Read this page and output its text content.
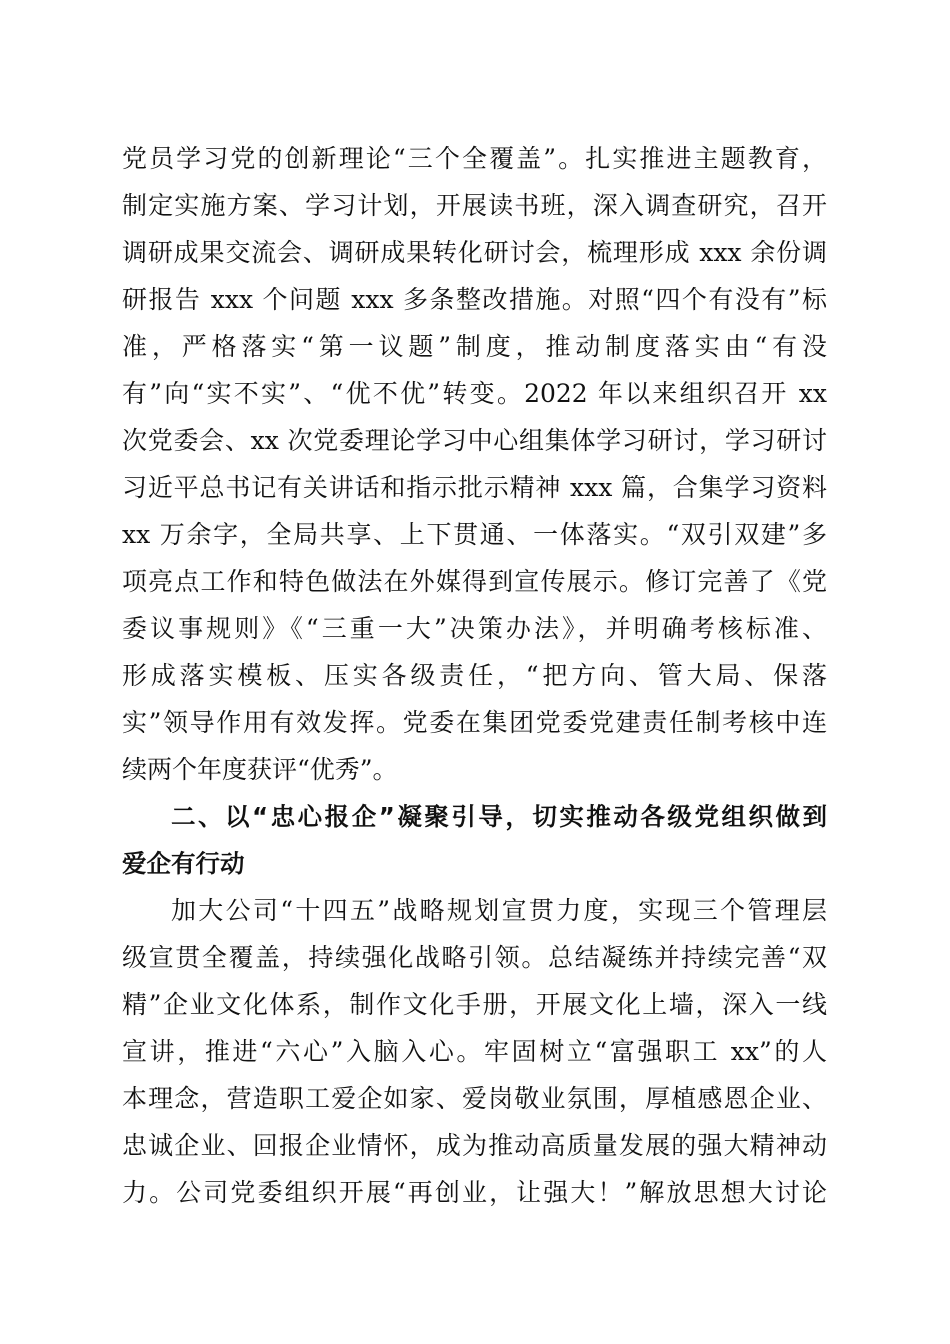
党员学习党的创新理论“三个全覆盖”。扎实推进主题教育，
制定实施方案、学习计划，开展读书班，深入调查研究，召开
调研成果交流会、调研成果转化研讨会，梳理形成 xxx 余份调
研报告 xxx 个问题 xxx 多条整改措施。对照“四个有没有”标
准，严格落实“第一议题”制度，推动制度落实由“有没
有”向“实不实”、“优不优”转变。2022 年以来组织召开 xx
次党委会、xx 次党委理论学习中心组集体学习研讨，学习研讨
习近平总书记有关讲话和指示批示精神 xxx 篇，合集学习资料
xx 万余字，全局共享、上下贯通、一体落实。“双引双建”多
项亮点工作和特色做法在外媒得到宣传展示。修订完善了《党
委议事规则》《“三重一大”决策办法》，并明确考核标准、
形成落实模板、压实各级责任，“把方向、管大局、保落
实”领导作用有效发挥。党委在集团党委党建责任制考核中连
续两个年度获评“优秀”。
二、以“忠心报企”凝聚引导，切实推动各级党组织做到
爱企有行动
加大公司“十四五”战略规划宣贯力度，实现三个管理层
级宣贯全覆盖，持续强化战略引领。总结凝练并持续完善“双
精”企业文化体系，制作文化手册，开展文化上墙，深入一线
宣讲，推进“六心”入脑入心。牢固树立“富强职工 xx”的人
本理念，营造职工爱企如家、爱岗敬业氛围，厚植感恩企业、
忠诚企业、回报企业情怀，成为推动高质量发展的强大精神动
力。公司党委组织开展“再创业，让强大！”解放思想大讨论
